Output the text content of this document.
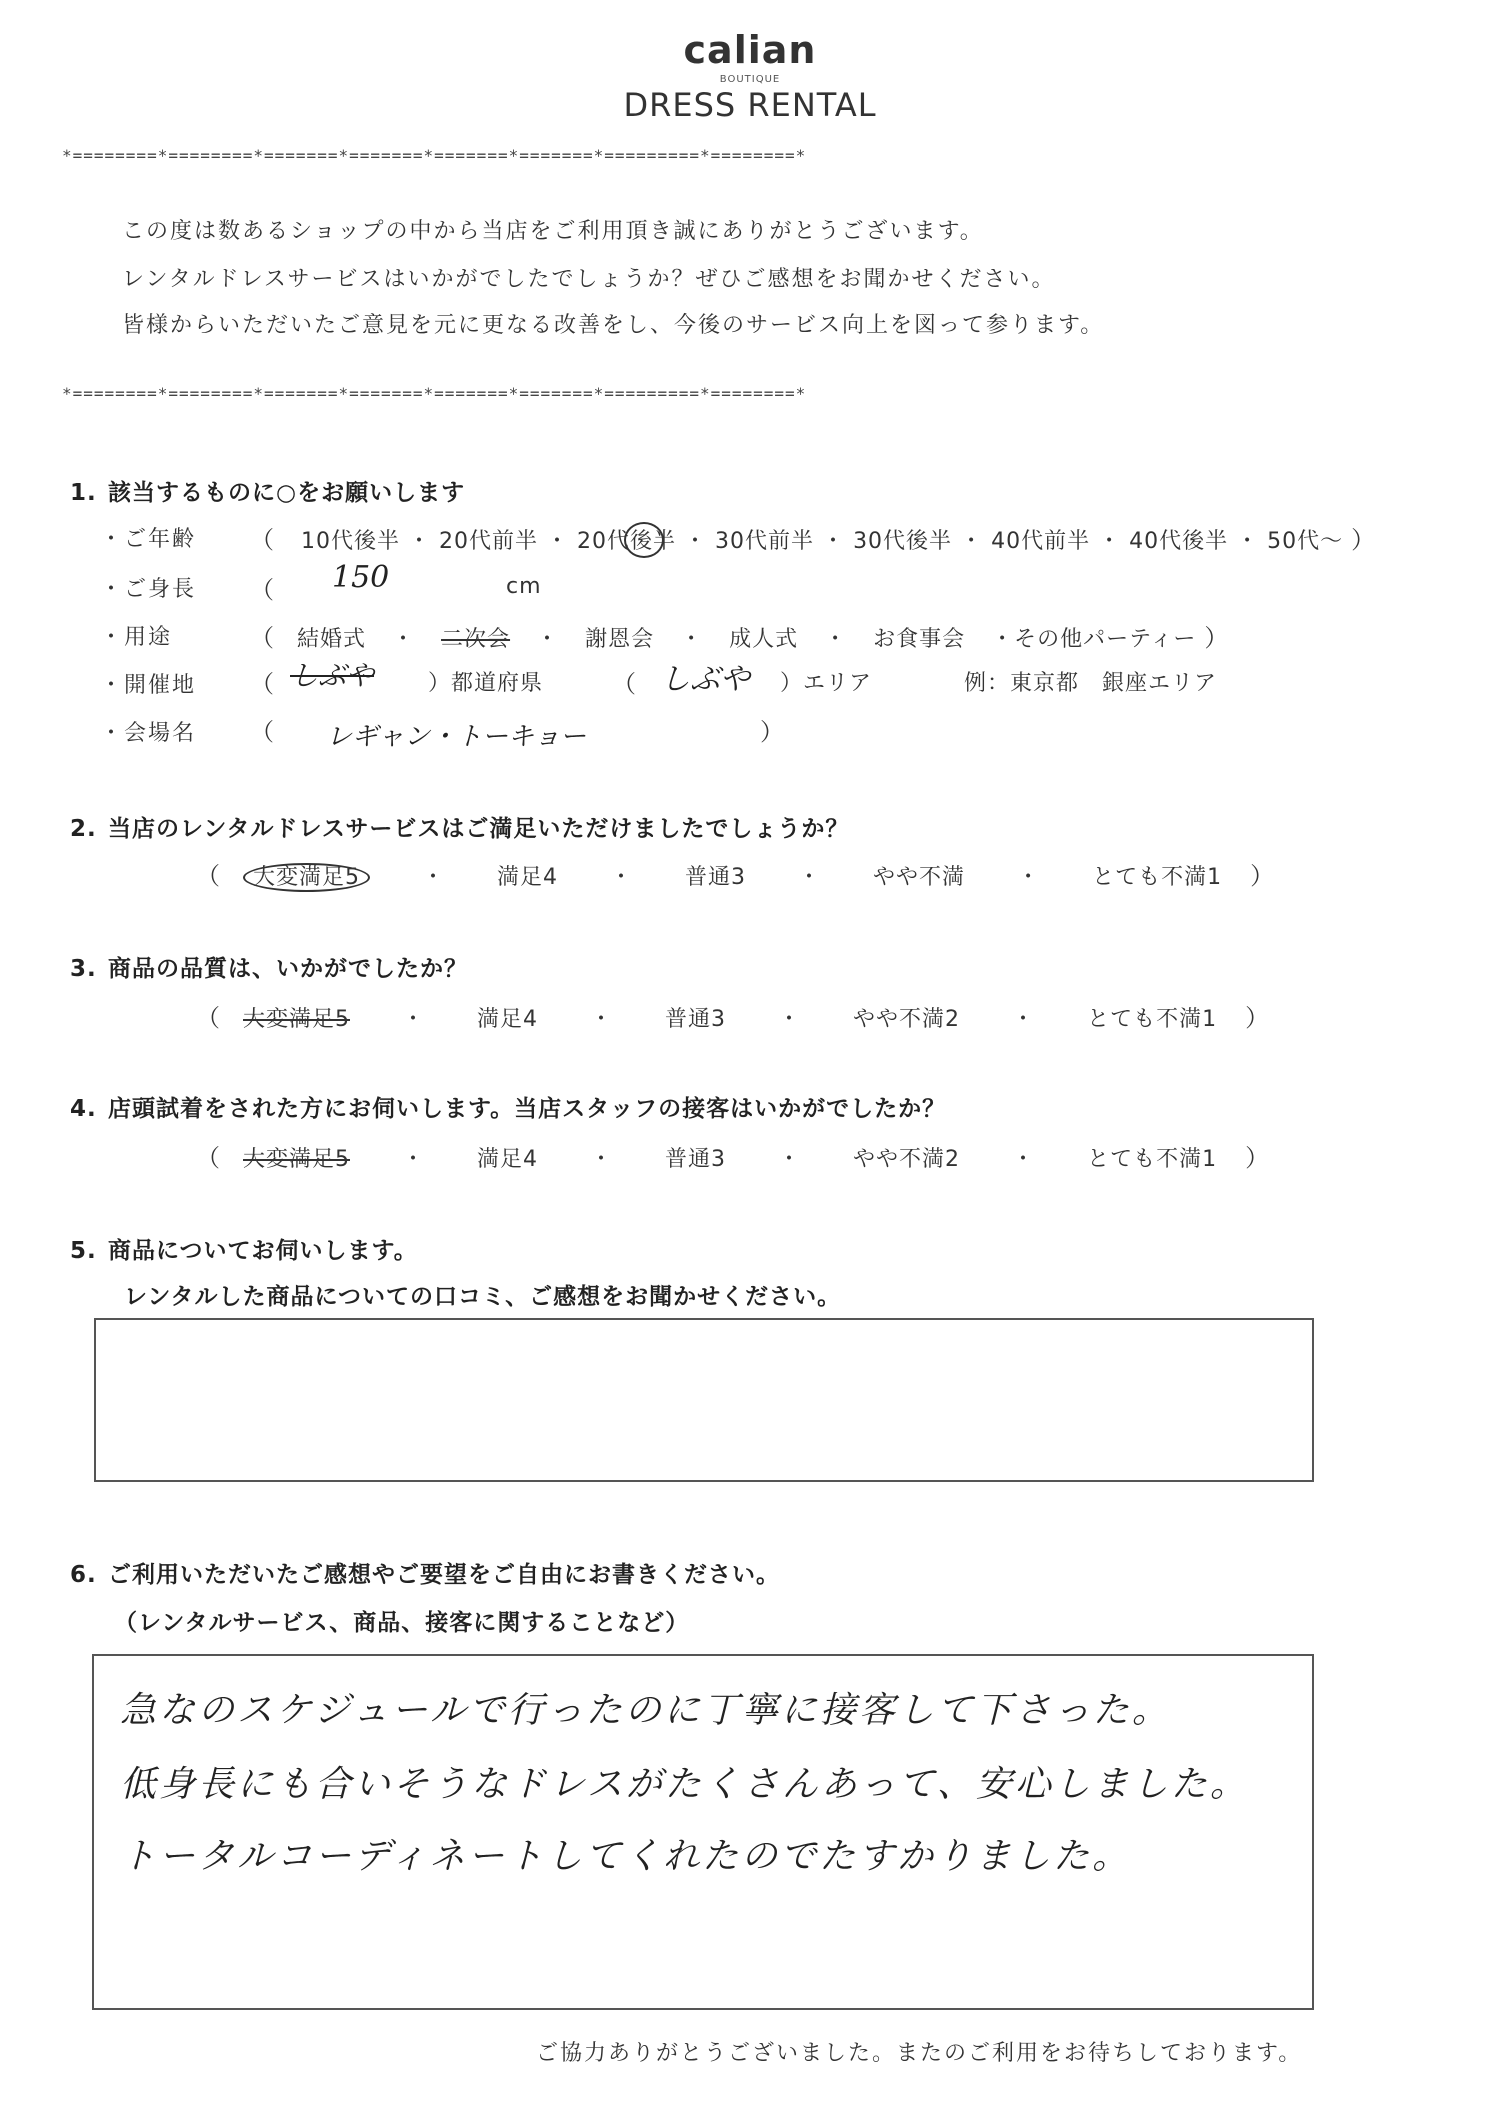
calian
BOUTIQUE
DRESS RENTAL
*========*========*=======*=======*=======*=======*=========*========*
この度は数あるショップの中から当店をご利用頂き誠にありがとうございます。
レンタルドレスサービスはいかがでしたでしょうか？ぜひご感想をお聞かせください。
皆様からいただいたご意見を元に更なる改善をし、今後のサービス向上を図って参ります。
*========*========*=======*=======*=======*=======*=========*========*
1. 該当するものに○をお願いします
・ご年齢 （ 10代後半 ・ 20代前半 ・ 20代後半 ・ 30代前半 ・ 30代後半 ・ 40代前半 ・ 40代後半 ・ 50代～ ）
・ご身長 （ 150	cm
・用途	（ 結婚式 ・ 二次会 ・ 謝恩会 ・ 成人式 ・ お食事会 ・その他パーティー ）
・開催地 （ しぶや ）都道府県	（ しぶや ）エリア	例：東京都　銀座エリア
・会場名 （ レギャン・トーキョー	）
2. 当店のレンタルドレスサービスはご満足いただけましたでしょうか？
（ 大変満足5	・ 満足4 ・ 普通3 ・ やや不満 ・ とても不満1 ）
3. 商品の品質は、いかがでしたか？
（ 大変満足5 ・ 満足4 ・ 普通3 ・ やや不満2 ・ とても不満1 ）
4. 店頭試着をされた方にお伺いします。当店スタッフの接客はいかがでしたか？
（ 大変満足5 ・ 満足4 ・ 普通3 ・ やや不満2 ・ とても不満1 ）
5. 商品についてお伺いします。
レンタルした商品についての口コミ、ご感想をお聞かせください。
6. ご利用いただいたご感想やご要望をご自由にお書きください。
（レンタルサービス、商品、接客に関することなど）
急なのスケジュールで行ったのに丁寧に接客して下さった。
低身長にも合いそうなドレスがたくさんあって、安心しました。
トータルコーディネートしてくれたのでたすかりました。
ご協力ありがとうございました。またのご利用をお待ちしております。
